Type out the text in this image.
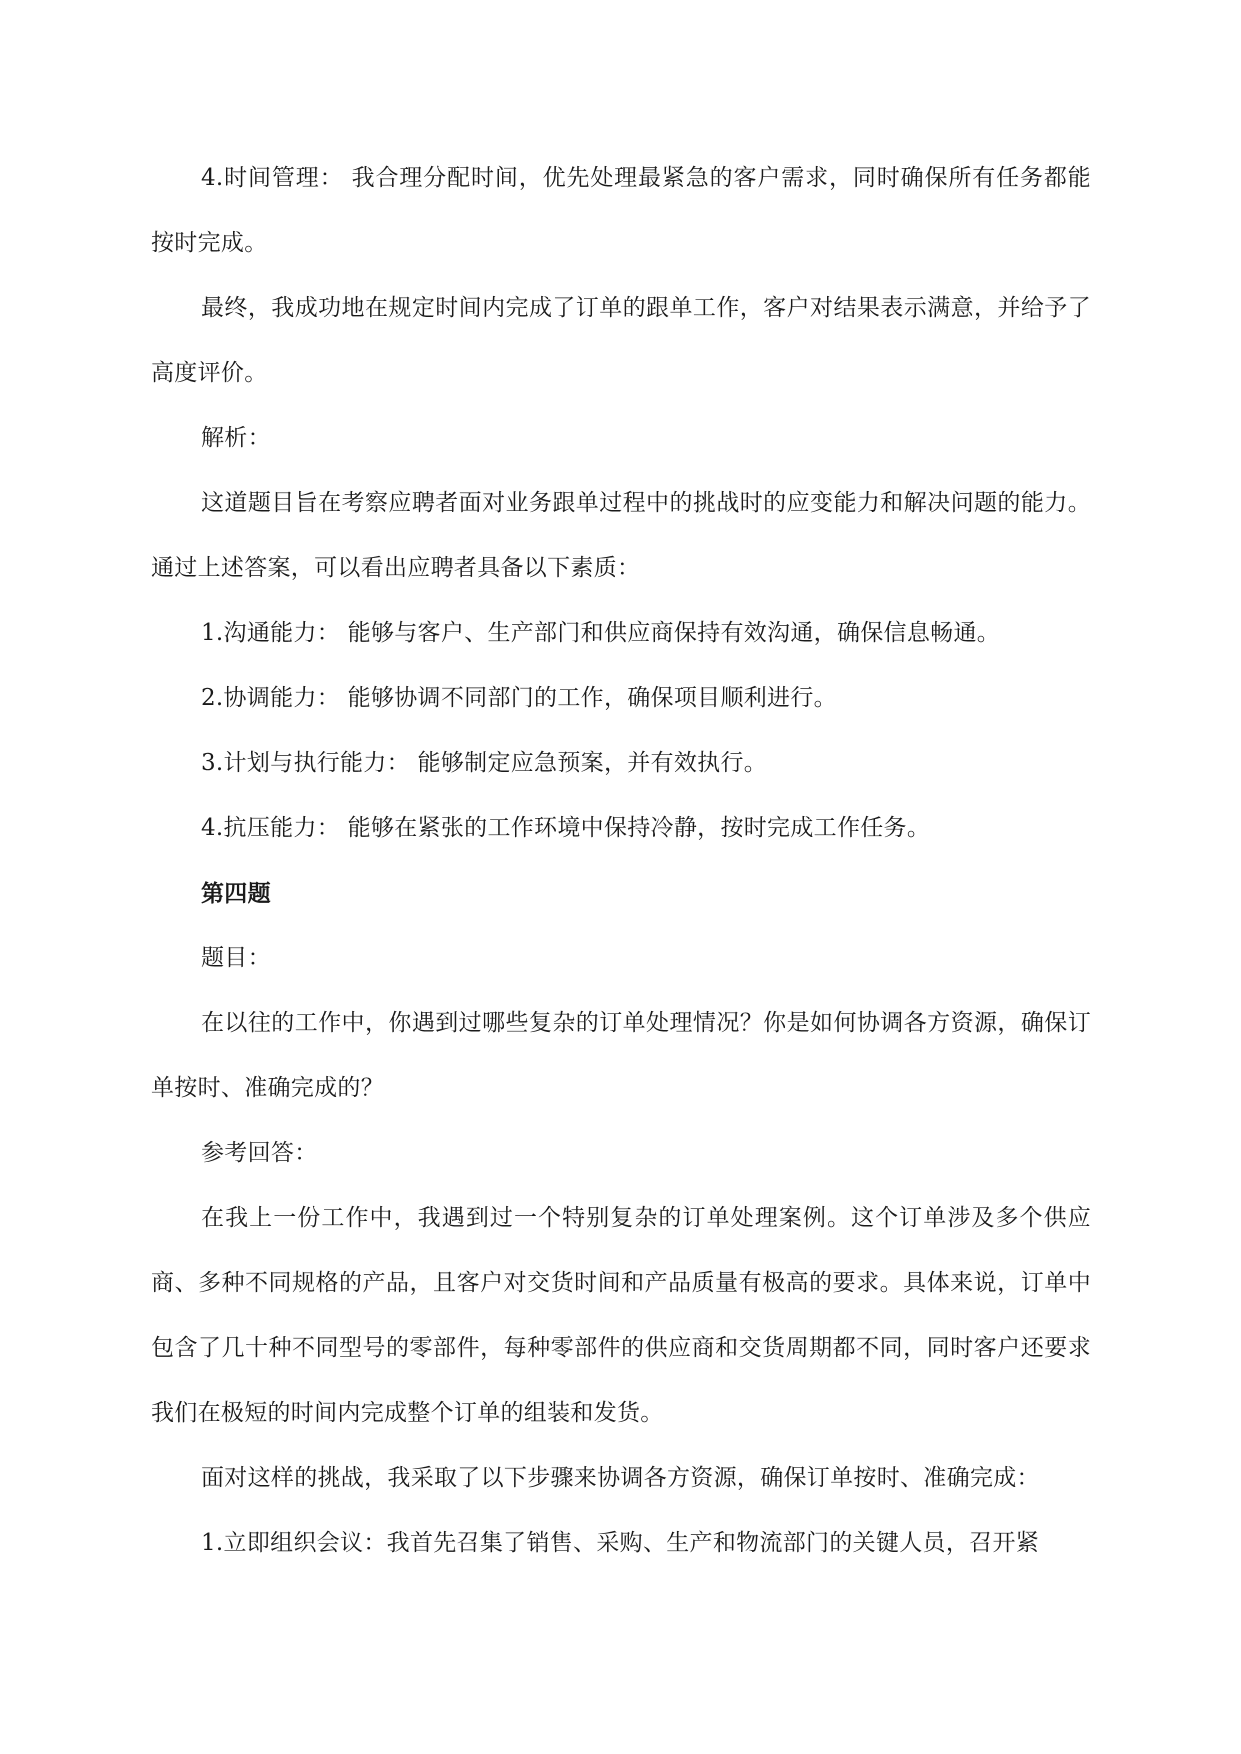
4.时间管理： 我合理分配时间，优先处理最紧急的客户需求，同时确保所有任务都能按时完成。

最终，我成功地在规定时间内完成了订单的跟单工作，客户对结果表示满意，并给予了高度评价。

解析：

这道题目旨在考察应聘者面对业务跟单过程中的挑战时的应变能力和解决问题的能力。通过上述答案，可以看出应聘者具备以下素质：

1.沟通能力： 能够与客户、生产部门和供应商保持有效沟通，确保信息畅通。

2.协调能力： 能够协调不同部门的工作，确保项目顺利进行。

3.计划与执行能力： 能够制定应急预案，并有效执行。

4.抗压能力： 能够在紧张的工作环境中保持冷静，按时完成工作任务。

第四题

题目：

在以往的工作中，你遇到过哪些复杂的订单处理情况？你是如何协调各方资源，确保订单按时、准确完成的？

参考回答：

在我上一份工作中，我遇到过一个特别复杂的订单处理案例。这个订单涉及多个供应商、多种不同规格的产品，且客户对交货时间和产品质量有极高的要求。具体来说，订单中包含了几十种不同型号的零部件，每种零部件的供应商和交货周期都不同，同时客户还要求我们在极短的时间内完成整个订单的组装和发货。

面对这样的挑战，我采取了以下步骤来协调各方资源，确保订单按时、准确完成：

1.立即组织会议：我首先召集了销售、采购、生产和物流部门的关键人员，召开紧
